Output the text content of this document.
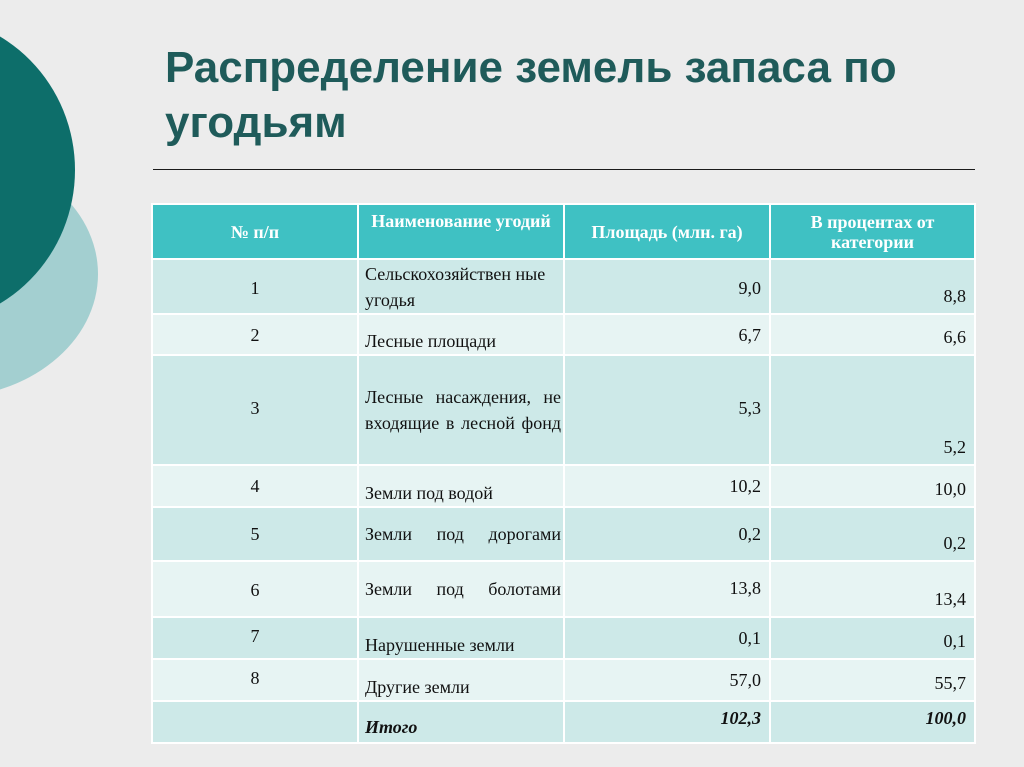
Распределение земель запаса по угодьям
№ п/п	Наименование угодий	Площадь (млн. га)	В процентах от категории
1	Сельскохозяйствен ные угодья	9,0	8,8
2	Лесные площади	6,7	6,6
3	Лесные насаждения, не входящие в лесной фонд	5,3	5,2
4	Земли под водой	10,2	10,0
5	Земли под дорогами	0,2	0,2
6	Земли под болотами	13,8	13,4
7	Нарушенные земли	0,1	0,1
8	Другие земли	57,0	55,7
	Итого	102,3	100,0
